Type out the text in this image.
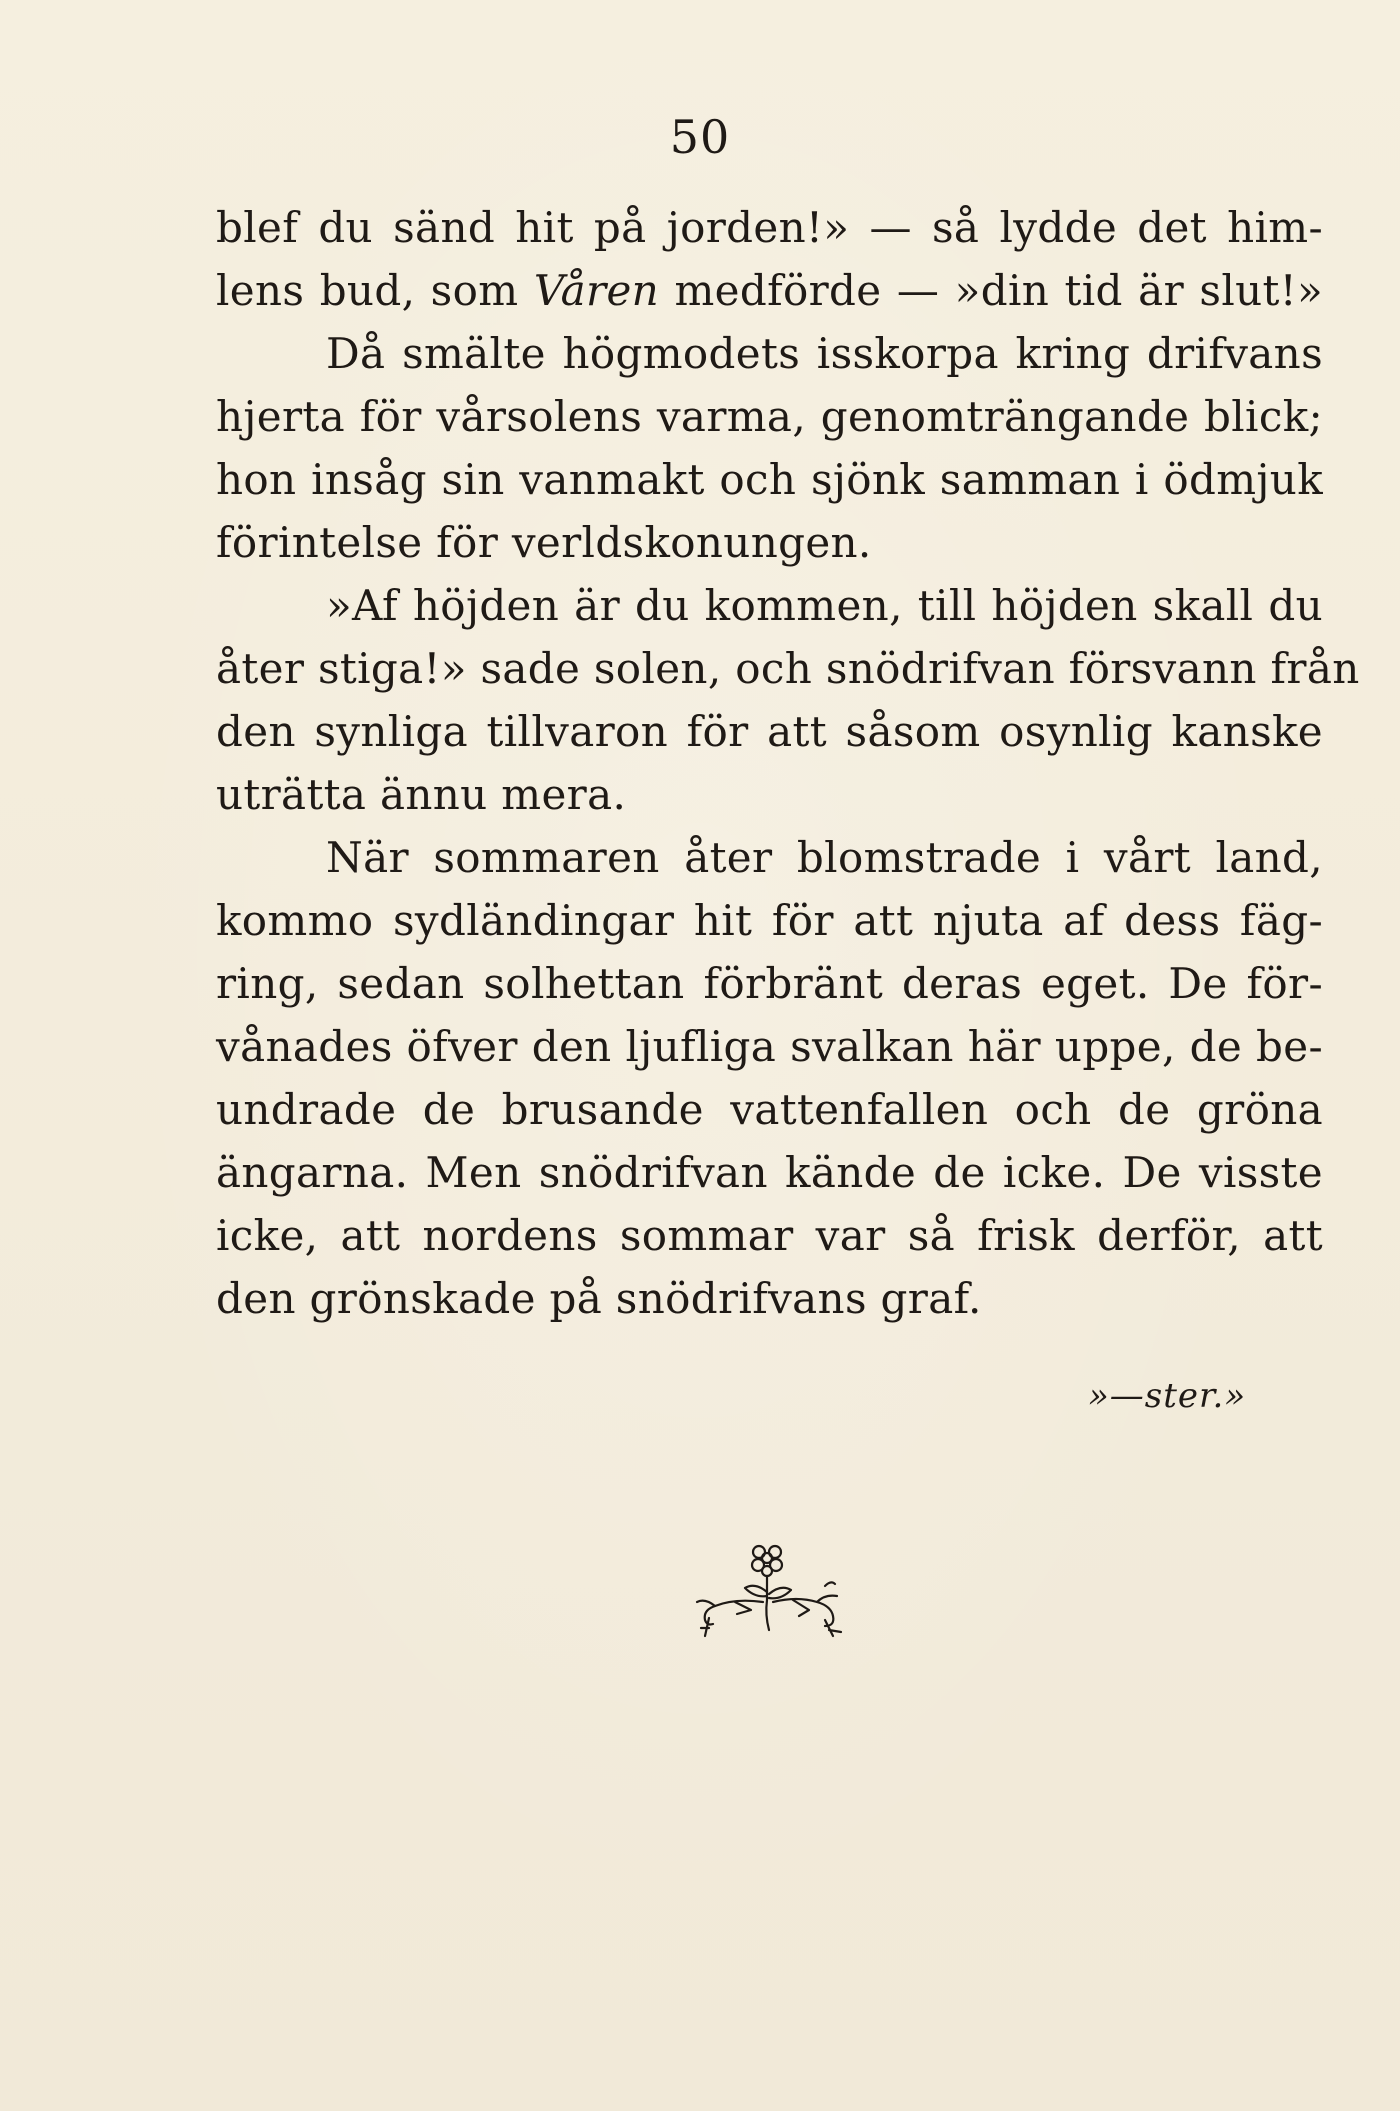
50
blef du sänd hit på jorden!» — så lydde det him-
lens bud, som Våren medförde — »din tid är slut!»
Då smälte högmodets isskorpa kring drifvans
hjerta för vårsolens varma, genomträngande blick;
hon insåg sin vanmakt och sjönk samman i ödmjuk
förintelse för verldskonungen.
»Af höjden är du kommen, till höjden skall du
åter stiga!» sade solen, och snödrifvan försvann från
den synliga tillvaron för att såsom osynlig kanske
uträtta ännu mera.
När sommaren åter blomstrade i vårt land,
kommo sydländingar hit för att njuta af dess fäg-
ring, sedan solhettan förbränt deras eget. De för-
vånades öfver den ljufliga svalkan här uppe, de be-
undrade de brusande vattenfallen och de gröna
ängarna. Men snödrifvan kände de icke. De visste
icke, att nordens sommar var så frisk derför, att
den grönskade på snödrifvans graf.
»—ster.»
